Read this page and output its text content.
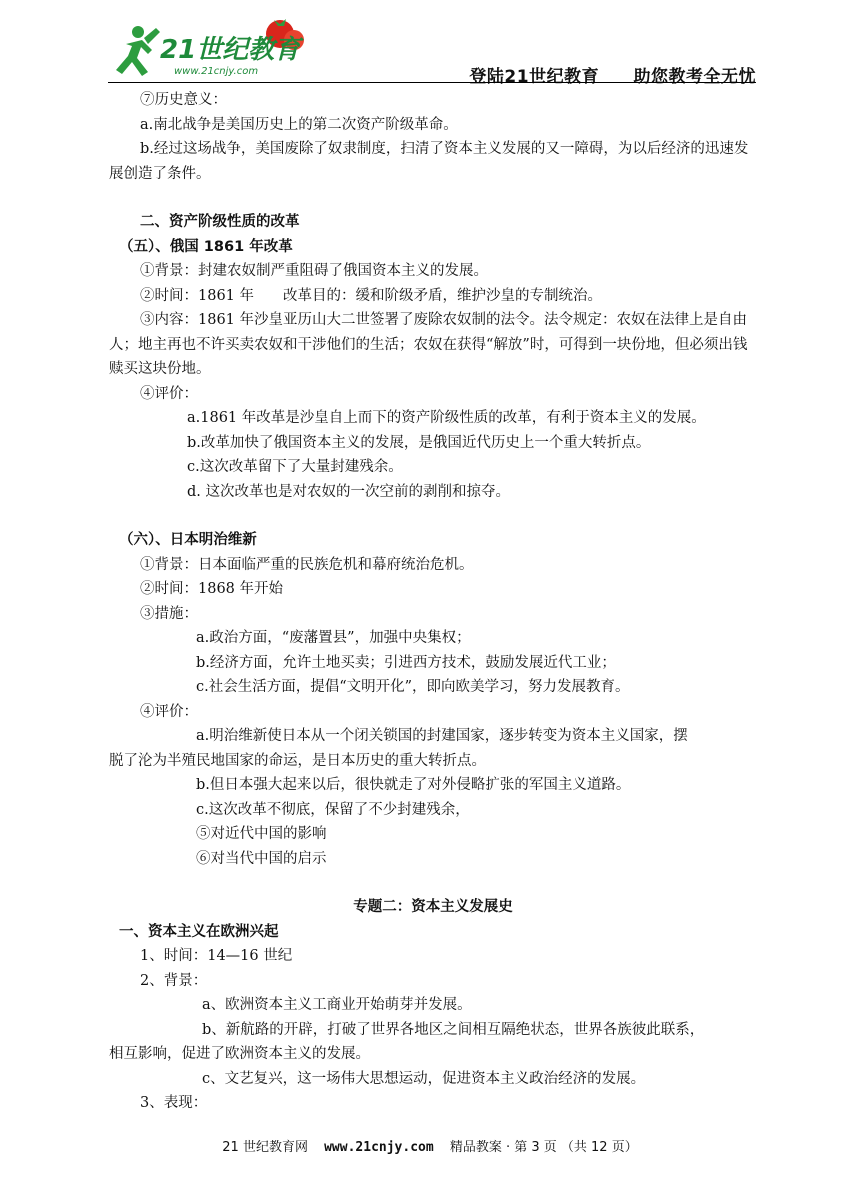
21世纪教育
www.21cnjy.com	登陆21世纪教育 助您教考全无忧
⑦历史意义：
a.南北战争是美国历史上的第二次资产阶级革命。
b.经过这场战争，美国废除了奴隶制度，扫清了资本主义发展的又一障碍，为以后经济的迅速发展创造了条件。
二、资产阶级性质的改革
（五）、俄国 1861 年改革
①背景：封建农奴制严重阻碍了俄国资本主义的发展。
②时间：1861 年　　改革目的：缓和阶级矛盾，维护沙皇的专制统治。
③内容：1861 年沙皇亚历山大二世签署了废除农奴制的法令。法令规定：农奴在法律上是自由人；地主再也不许买卖农奴和干涉他们的生活；农奴在获得“解放”时，可得到一块份地，但必须出钱赎买这块份地。
④评价：
a.1861 年改革是沙皇自上而下的资产阶级性质的改革，有利于资本主义的发展。
b.改革加快了俄国资本主义的发展，是俄国近代历史上一个重大转折点。
c.这次改革留下了大量封建残余。
d. 这次改革也是对农奴的一次空前的剥削和掠夺。
（六）、日本明治维新
①背景：日本面临严重的民族危机和幕府统治危机。
②时间：1868 年开始
③措施：
a.政治方面，“废藩置县”，加强中央集权；
b.经济方面，允许土地买卖；引进西方技术，鼓励发展近代工业；
c.社会生活方面，提倡“文明开化”，即向欧美学习，努力发展教育。
④评价：
a.明治维新使日本从一个闭关锁国的封建国家，逐步转变为资本主义国家，摆
脱了沦为半殖民地国家的命运，是日本历史的重大转折点。
b.但日本强大起来以后，很快就走了对外侵略扩张的军国主义道路。
c.这次改革不彻底，保留了不少封建残余，
⑤对近代中国的影响
⑥对当代中国的启示
专题二：资本主义发展史
一、资本主义在欧洲兴起
1、时间：14—16 世纪
2、背景：
a、欧洲资本主义工商业开始萌芽并发展。
b、新航路的开辟，打破了世界各地区之间相互隔绝状态，世界各族彼此联系，
相互影响，促进了欧洲资本主义的发展。
c、文艺复兴，这一场伟大思想运动，促进资本主义政治经济的发展。
3、表现：
21 世纪教育网 www.21cnjy.com 精品教案 · 第 3 页 （共 12 页）
